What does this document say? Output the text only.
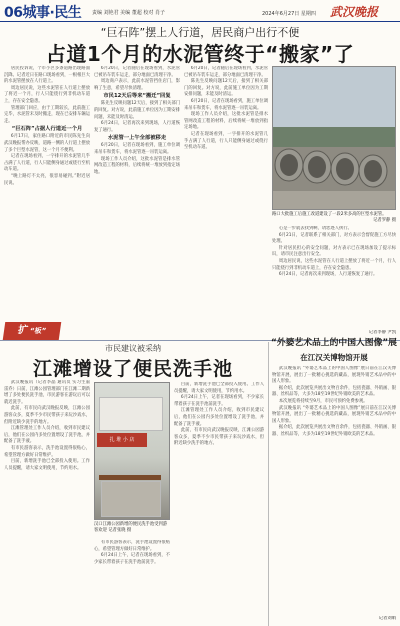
06城事·民生 责编 刘艳君 美编 董超 校对 肖子	2024年6月27日 星期四 武汉晚报
“巨石阵”摆上人行道，居民商户出行不便
占道1个月的水泥管终于“搬家”了

居民投诉说，个市小区多条道路出现路面沉降。记者近日在路口现场看到，一根根巨大的水泥管摆放在人行道上。

周边居民说，这些水泥管在人行道上摆放了将近一个月，行人只能绕行到非机动车道上，存在安全隐患。

管理部门回应，由于工期较长，此前施工完毕，水泥管未及时搬走，现在已安排车辆运走。

“巨石阵”占据人行道近一个月

6月17日，家住路口附近的市民陈先生向武汉晚报帮办反映，道路一侧的人行道上摆放了多个巨型水泥管，这一个月不便利。

记者在现场看到，一字排开的水泥管几乎占满了人行道，行人只能侧身通过或绕行至机动车道。

“晚上路灯不太亮，很容易碰到。”附近居民说。

6月20日，记者随后在现场看到，水泥管已被吊车装车运走，部分地面已清理干净。

周边商户表示，此前水泥管挡住店门，影响了生意，希望尽快清理。

市民12天后等来“搬迁”回复

陈先生反映问题12天后，接到了相关部门的回复。对方说，此前施工单位因为工期安排问题，未能及时清运。

6月24日，记者再次来到现场，人行道恢复了通行。

水泥管一上午全部被移走

6月20日，记者在现场看到，施工单位调来吊车和货车，将水泥管逐一吊装运离。

现场工作人员介绍，这批水泥管是排水管网改造工程的材料，后续将统一堆放到指定场地。

6月20日，记者随后在现场看到，水泥管已被吊车装车运走，部分地面已清理干净。

陈先生反映问题12天后，接到了相关部门的回复。对方说，此前施工单位因为工期安排问题，未能及时清运。

6月20日，记者在现场看到，施工单位调来吊车和货车，将水泥管逐一吊装运离。

现场工作人员介绍，这批水泥管是排水管网改造工程的材料，后续将统一堆放到指定场地。

记者在现场看到，一字排开的水泥管几乎占满了人行道，行人只能侧身通过或绕行至机动车道。

路口大批施工后施工改道建设了一段2米多高的巨型水泥管。
记者罗静 摄

心是一步就去找到啊，请您逐人执行。

6月21日，记者联系了相关部门，对方表示会督促施工方尽快处理。

针对居民担心的安全问题，对方表示已在现场加设了提示标识，请市民注意出行安全。

周边居民说，这些水泥管在人行道上摆放了将近一个月，行人只能绕行到非机动车道上，存在安全隐患。

6月24日，记者再次来到现场，人行道恢复了通行。

记者李静 尹凯
扩“板”
市民建议被采纳
江滩增设了便民洗手池

武汉晚报讯（记者李晶 通讯员 实习生董雷乔）日前，江滩公园管理部门在江滩二期新增了多处便民洗手池，市民游客在游玩后可以就近洗手。

此前，有市民向武汉晚报反映，江滩公园游客众多，夏季不少市民带孩子来玩沙戏水，但附近缺少洗手的地方。

江滩管理处工作人员介绍，收到市民建议后，他们在公园内多处位置增设了洗手池，并配备了洗手液。

有市民游客表示，洗手池设置得很贴心，希望管理方做好日常维护。

目前，新增洗手池已全部投入使用。工作人员提醒，请大家文明使用，节约用水。

扎 堆 小 店
汉口江滩公园新增的便民洗手池受到游客欢迎 记者张晓 摄

有市民游客表示，洗手池设置得很贴心，希望管理方做好日常维护。

6月24日上午，记者在现场看到，不少家长带着孩子在洗手池前洗手。

目前，新增洗手池已全部投入使用。工作人员提醒，请大家文明使用，节约用水。

6月24日上午，记者在现场看到，不少家长带着孩子在洗手池前洗手。

江滩管理处工作人员介绍，收到市民建议后，他们在公园内多处位置增设了洗手池，并配备了洗手液。

此前，有市民向武汉晚报反映，江滩公园游客众多，夏季不少市民带孩子来玩沙戏水，但附近缺少洗手的地方。

“外婆艺术品上的中国人图像”展
在江汉关博物馆开展

武汉晚报讯 “外婆艺术品上的中国人图像”展日前在江汉关博物馆开展，展出了一批精心挑选的藏品，展现外销艺术品中的中国人形象。

据介绍，此次展览共展出文物百余件，包括瓷器、外销画、银器、丝织品等，大多为18至19世纪外销欧美的艺术品。

本次展览将持续至9月，市民可预约免费参观。

武汉晚报讯 “外婆艺术品上的中国人图像”展日前在江汉关博物馆开展，展出了一批精心挑选的藏品，展现外销艺术品中的中国人形象。

据介绍，此次展览共展出文物百余件，包括瓷器、外销画、银器、丝织品等，大多为18至19世纪外销欧美的艺术品。

记者刘娟
